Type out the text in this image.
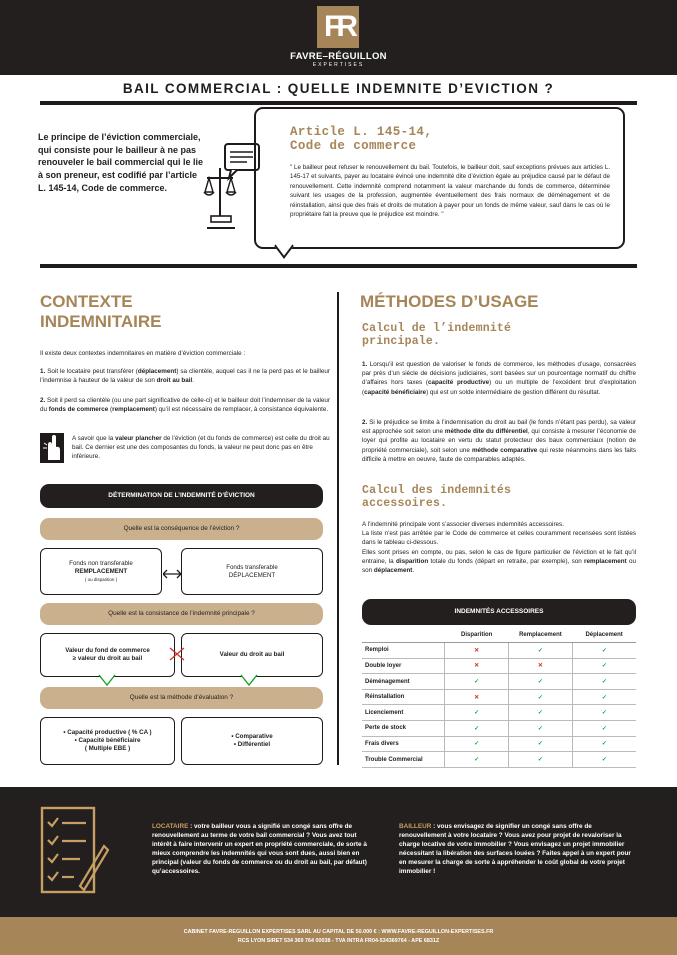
FR
FAVRE–RÉGUILLON
EXPERTISES
BAIL COMMERCIAL : QUELLE INDEMNITE D’EVICTION ?
Le principe de l’éviction commerciale, qui consiste pour le bailleur à ne pas renouveler le bail commercial qui le lie à son preneur, est codifié par l’article L. 145-14, Code de commerce.
Article L. 145-14,
Code de commerce
" Le bailleur peut refuser le renouvellement du bail. Toutefois, le bailleur doit, sauf exceptions prévues aux articles L. 145-17 et suivants, payer au locataire évincé une indemnité dite d’éviction égale au préjudice causé par le défaut de renouvellement. Cette indemnité comprend notamment la valeur marchande du fonds de commerce, déterminée suivant les usages de la profession, augmentée éventuellement des frais normaux de déménagement et de réinstallation, ainsi que des frais et droits de mutation à payer pour un fonds de même valeur, sauf dans le cas où le propriétaire fait la preuve que le préjudice est moindre. "
CONTEXTE
INDEMNITAIRE
Il existe deux contextes indemnitaires en matière d’éviction commerciale :
1. Soit le locataire peut transférer (déplacement) sa clientèle, auquel cas il ne la perd pas et le bailleur l’indemnise à hauteur de la valeur de son droit au bail.
2. Soit il perd sa clientèle (ou une part significative de celle-ci) et le bailleur doit l’indemniser de la valeur du fonds de commerce (remplacement) qu’il est nécessaire de remplacer, à consistance équivalente.
A savoir que la valeur plancher de l’éviction (et du fonds de commerce) est celle du droit au bail. Ce dernier est une des composantes du fonds, la valeur ne peut donc pas en être inférieure.
DÉTERMINATION DE L’INDEMNITÉ D’ÉVICTION
Quelle est la conséquence de l’éviction ?
Fonds non transferable
REMPLACEMENT
( ou disparition )
Fonds transferable
DÉPLACEMENT
Quelle est la consistance de l’indemnité principale ?
Valeur du fond de commerce
≥ valeur du droit au bail
Valeur du droit au bail
Quelle est la méthode d’évaluation ?
• Capacité productive ( % CA )
• Capacité bénéficiaire
( Multiple EBE )
• Comparative
• Différentiel
MÉTHODES D’USAGE
Calcul de l’indemnité
principale.
1. Lorsqu’il est question de valoriser le fonds de commerce, les méthodes d’usage, consacrées par près d’un siècle de décisions judiciaires, sont basées sur un pourcentage normatif du chiffre d’affaires hors taxes (capacité productive) ou un multiple de l’excédent brut d’exploitation (capacité bénéficiaire) qui est un solde intermédiaire de gestion différent du résultat.
2. Si le préjudice se limite à l’indemnisation du droit au bail (le fonds n’étant pas perdu), sa valeur est approchée soit selon une méthode dite du différentiel, qui consiste à mesurer l’économie de loyer qui profite au locataire en vertu du statut protecteur des baux commerciaux (notion de propriété commerciale), soit selon une méthode comparative qui reste néanmoins dans les faits difficile à mettre en oeuvre, faute de comparables adaptés.
Calcul des indemnités
accessoires.
A l’indemnité principale vont s’associer diverses indemnités accessoires.
La liste n’est pas arrêtée par le Code de commerce et celles couramment recensées sont listées dans le tableau ci-dessous.
Elles sont prises en compte, ou pas, selon le cas de figure particulier de l’éviction et le fait qu’il entraine, la disparition totale du fonds (départ en retraite, par exemple), son remplacement ou son déplacement.
INDEMNITÉS ACCESSOIRES
	Disparition	Remplacement	Déplacement
Remploi	✕	✓	✓
Double loyer	✕	✕	✓
Déménagement	✓	✓	✓
Réinstallation	✕	✓	✓
Licenciement	✓	✓	✓
Perte de stock	✓	✓	✓
Frais divers	✓	✓	✓
Trouble Commercial	✓	✓	✓
LOCATAIRE : votre bailleur vous a signifié un congé sans offre de renouvellement au terme de votre bail commercial ? Vous avez tout intérêt à faire intervenir un expert en propriété commerciale, de sorte à mieux comprendre les indemnités qui vous sont dues, aussi bien en principal (valeur du fonds de commerce ou du droit au bail, par défaut) qu’accessoires.
BAILLEUR : vous envisagez de signifier un congé sans offre de renouvellement à votre locataire ? Vous avez pour projet de revaloriser la charge locative de votre immobilier ? Vous envisagez un projet immobilier nécessitant la libération des surfaces louées ? Faites appel à un expert pour en mesurer la charge de sorte à appréhender le coût global de votre projet immobilier !
CABINET FAVRE-REGUILLON EXPERTISES SARL AU CAPITAL DE 50.000 € : WWW.FAVRE-REGUILLON-EXPERTISES.FR
RCS LYON SIRET 534 369 764 00038 - TVA INTRA FR04-534369764 - APE 6831Z
